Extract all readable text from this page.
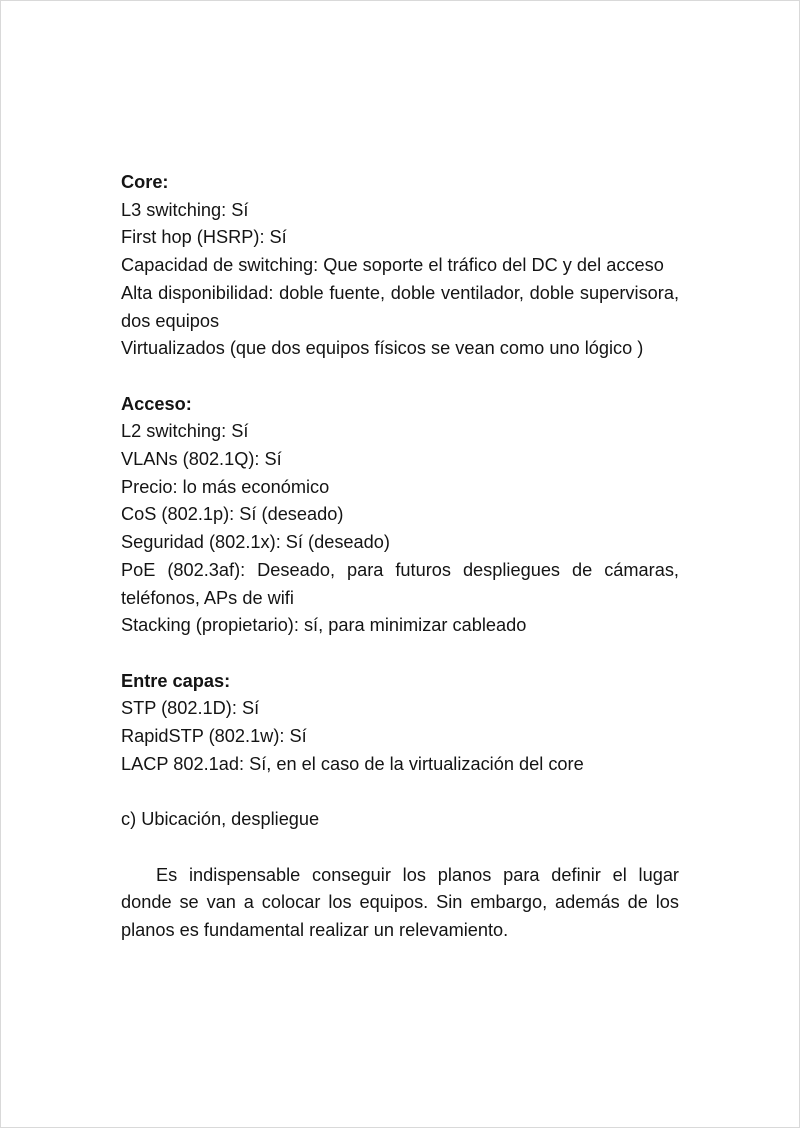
Core:

L3 switching: Sí

First hop (HSRP): Sí

Capacidad de switching: Que soporte el tráfico del DC y del acceso

Alta disponibilidad: doble fuente, doble ventilador, doble supervisora, dos equipos

Virtualizados (que dos equipos físicos se vean como uno lógico )

Acceso:

L2 switching: Sí

VLANs (802.1Q): Sí

Precio: lo más económico

CoS (802.1p): Sí (deseado)

Seguridad (802.1x): Sí (deseado)

PoE (802.3af): Deseado, para futuros despliegues de cámaras, teléfonos, APs de wifi

Stacking (propietario): sí, para minimizar cableado

Entre capas:

STP (802.1D): Sí

RapidSTP (802.1w): Sí

LACP 802.1ad: Sí, en el caso de la virtualización del core

c) Ubicación, despliegue

Es indispensable conseguir los planos para definir el lugar donde se van a colocar los equipos. Sin embargo, además de los planos es fundamental realizar un relevamiento.
